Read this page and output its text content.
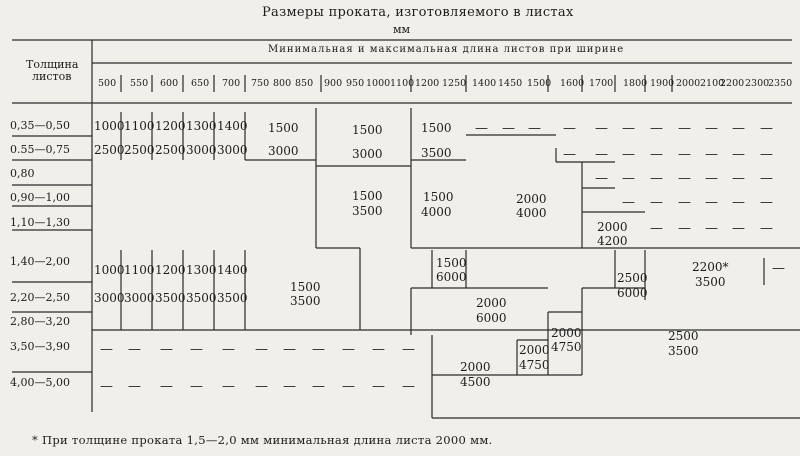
Размеры проката, изготовляемого в листах
мм
Толщина
листов
Минимальная и максимальная длина листов при ширине
500 550 600 650 700 750 800 850 900 950 1000 1100 1200 1250 1400 1450 1500 1600 1700 1800 1900 2000 2100
2200 2300
2350
0,35—0,50
0.55—0,75
0,80
0,90—1,00
1,10—1,30
1,40—2,00
2,20—2,50
2,80—3,20
3,50—3,90
4,00—5,00
1000 1100 1200 1300 1400
2500 2500 2500 3000 3000
1500
3000
1500
3000
1500
3500
1500
3500
1500
4000
2000
4000
2000
4200
1000 1100 1200 1300 1400
3000 3000 3500 3500 3500
1500
3500
1500
6000
2000
6000
2500
6000
2200*
3500
2000
4750
2000
4750
2000
4500
2500
3500
— — — — — — — — — — —
— — — — — — — —
— — — — — — —
— — — — — —
— — — — —
—
— — — — — — — — — — —
— — — — — — — — — — —
* При толщине проката 1,5—2,0 мм минимальная длина листа 2000 мм.
